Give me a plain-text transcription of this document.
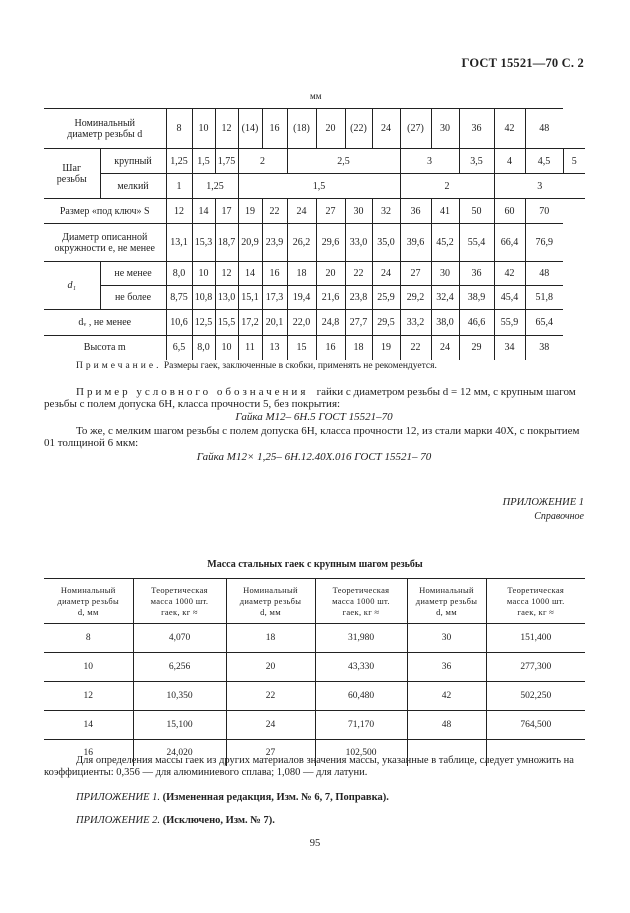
ГОСТ 15521—70 С. 2
мм
Номинальный
диаметр резьбы d		8	10	12	(14)	16	(18)	20	(22)	24	(27)	30	36	42	48	
Шаг
резьбы	крупный	1,25	1,5	1,75	2		2,5				3		3,5	4	4,5	5
	мелкий	1	1,25		1,5						2			3		
Размер «под ключ» S		12	14	17	19	22	24	27	30	32	36	41	50	60	70	
Диаметр описанной
окружности e, не менее		13,1	15,3	18,7	20,9	23,9	26,2	29,6	33,0	35,0	39,6	45,2	55,4	66,4	76,9	
d₁	не менее	8,0	10	12	14	16	18	20	22	24	27	30	36	42	48	
	не более	8,75	10,8	13,0	15,1	17,3	19,4	21,6	23,8	25,9	29,2	32,4	38,9	45,4	51,8	
dᵥ , не менее		10,6	12,5	15,5	17,2	20,1	22,0	24,8	27,7	29,5	33,2	38,0	46,6	55,9	65,4	
Высота m		6,5	8,0	10	11	13	15	16	18	19	22	24	29	34	38	
Примечание. Размеры гаек, заключенные в скобки, применять не рекомендуется.
Пример условного обозначения гайки с диаметром резьбы d = 12 мм, с крупным шагом резьбы с полем допуска 6H, класса прочности 5, без покрытия:
Гайка М12– 6Н.5 ГОСТ 15521–70
То же, с мелким шагом резьбы с полем допуска 6H, класса прочности 12, из стали марки 40X, с покрытием 01 толщиной 6 мкм:
Гайка М12× 1,25– 6Н.12.40Х.016 ГОСТ 15521– 70
ПРИЛОЖЕНИЕ 1
Справочное
Масса стальных гаек с крупным шагом резьбы
Номинальный
диаметр резьбы
d, мм	Теоретическая
масса 1000 шт.
гаек, кг ≈	Номинальный
диаметр резьбы
d, мм	Теоретическая
масса 1000 шт.
гаек, кг ≈	Номинальный
диаметр резьбы
d, мм	Теоретическая
масса 1000 шт.
гаек, кг ≈
8	4,070	18	31,980	30	151,400
10	6,256	20	43,330	36	277,300
12	10,350	22	60,480	42	502,250
14	15,100	24	71,170	48	764,500
16	24,020	27	102,500		
Для определения массы гаек из других материалов значения массы, указанные в таблице, следует умножить на коэффициенты: 0,356 — для алюминиевого сплава; 1,080 — для латуни.
ПРИЛОЖЕНИЕ 1. (Измененная редакция, Изм. № 6, 7, Поправка).
ПРИЛОЖЕНИЕ 2. (Исключено, Изм. № 7).
95
